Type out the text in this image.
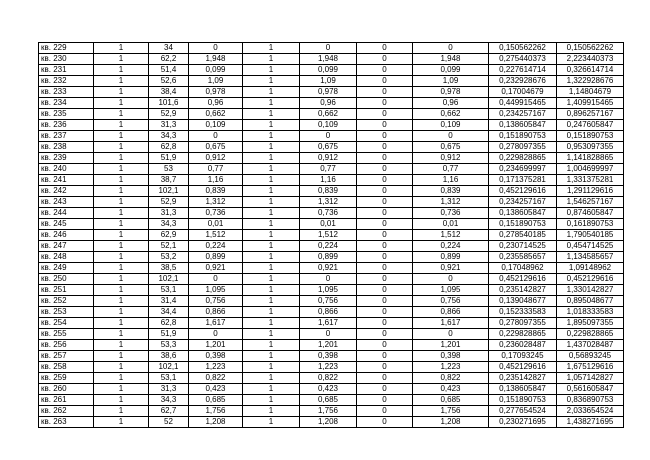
кв. 229	1	34	0	1	0	0	0	0,150562262	0,150562262
кв. 230	1	62,2	1,948	1	1,948	0	1,948	0,275440373	2,223440373
кв. 231	1	51,4	0,099	1	0,099	0	0,099	0,227614714	0,326614714
кв. 232	1	52,6	1,09	1	1,09	0	1,09	0,232928676	1,322928676
кв. 233	1	38,4	0,978	1	0,978	0	0,978	0,17004679	1,14804679
кв. 234	1	101,6	0,96	1	0,96	0	0,96	0,449915465	1,409915465
кв. 235	1	52,9	0,662	1	0,662	0	0,662	0,234257167	0,896257167
кв. 236	1	31,3	0,109	1	0,109	0	0,109	0,138605847	0,247605847
кв. 237	1	34,3	0	1	0	0	0	0,151890753	0,151890753
кв. 238	1	62,8	0,675	1	0,675	0	0,675	0,278097355	0,953097355
кв. 239	1	51,9	0,912	1	0,912	0	0,912	0,229828865	1,141828865
кв. 240	1	53	0,77	1	0,77	0	0,77	0,234699997	1,004699997
кв. 241	1	38,7	1,16	1	1,16	0	1,16	0,171375281	1,331375281
кв. 242	1	102,1	0,839	1	0,839	0	0,839	0,452129616	1,291129616
кв. 243	1	52,9	1,312	1	1,312	0	1,312	0,234257167	1,546257167
кв. 244	1	31,3	0,736	1	0,736	0	0,736	0,138605847	0,874605847
кв. 245	1	34,3	0,01	1	0,01	0	0,01	0,151890753	0,161890753
кв. 246	1	62,9	1,512	1	1,512	0	1,512	0,278540185	1,790540185
кв. 247	1	52,1	0,224	1	0,224	0	0,224	0,230714525	0,454714525
кв. 248	1	53,2	0,899	1	0,899	0	0,899	0,235585657	1,134585657
кв. 249	1	38,5	0,921	1	0,921	0	0,921	0,17048962	1,09148962
кв. 250	1	102,1	0	1	0	0	0	0,452129616	0,452129616
кв. 251	1	53,1	1,095	1	1,095	0	1,095	0,235142827	1,330142827
кв. 252	1	31,4	0,756	1	0,756	0	0,756	0,139048677	0,895048677
кв. 253	1	34,4	0,866	1	0,866	0	0,866	0,152333583	1,018333583
кв. 254	1	62,8	1,617	1	1,617	0	1,617	0,278097355	1,895097355
кв. 255	1	51,9	0	1	0	0	0	0,229828865	0,229828865
кв. 256	1	53,3	1,201	1	1,201	0	1,201	0,236028487	1,437028487
кв. 257	1	38,6	0,398	1	0,398	0	0,398	0,17093245	0,56893245
кв. 258	1	102,1	1,223	1	1,223	0	1,223	0,452129616	1,675129616
кв. 259	1	53,1	0,822	1	0,822	0	0,822	0,235142827	1,057142827
кв. 260	1	31,3	0,423	1	0,423	0	0,423	0,138605847	0,561605847
кв. 261	1	34,3	0,685	1	0,685	0	0,685	0,151890753	0,836890753
кв. 262	1	62,7	1,756	1	1,756	0	1,756	0,277654524	2,033654524
кв. 263	1	52	1,208	1	1,208	0	1,208	0,230271695	1,438271695
